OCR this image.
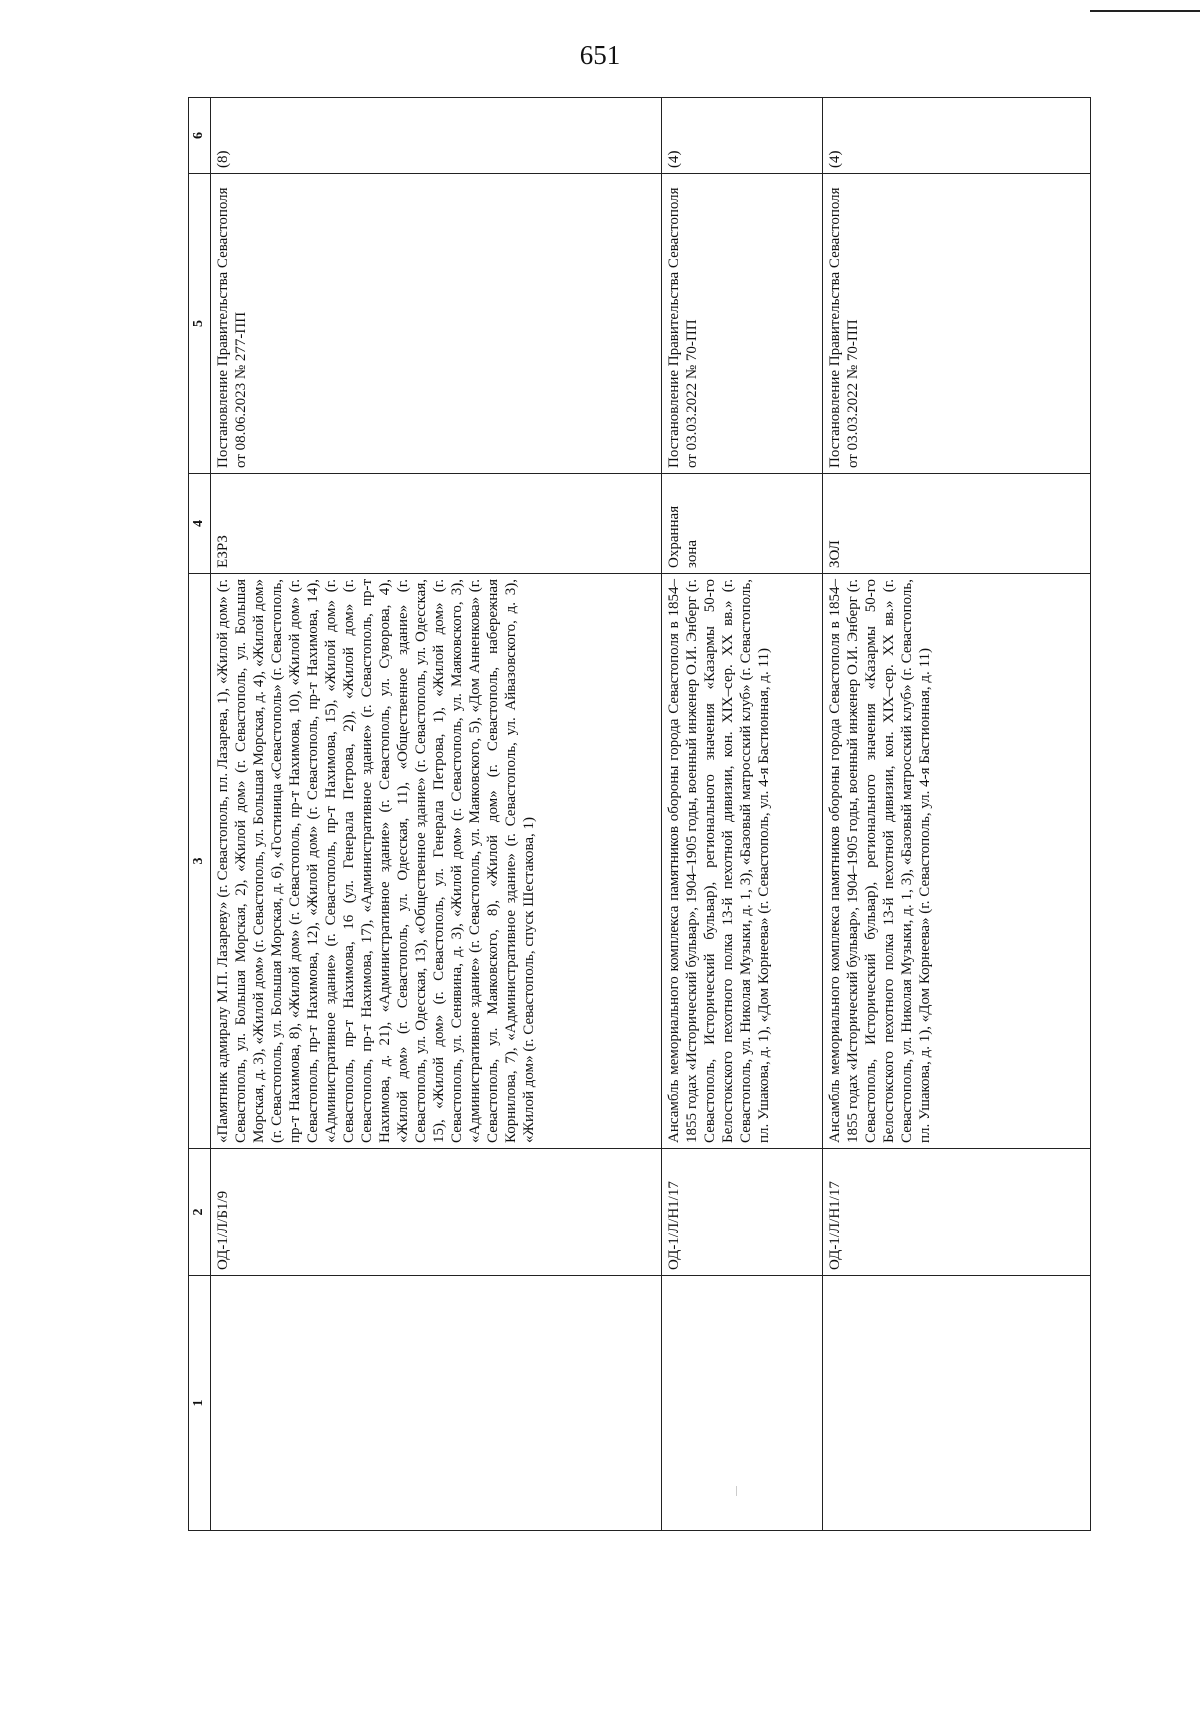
651
1	2	3	4	5	6
	ОД-1/Л/Б1/9	«Памятник адмиралу М.П. Лазареву» (г. Севастополь, пл. Лазарева, 1), «Жилой дом» (г. Севастополь, ул. Большая Морская, 2), «Жилой дом» (г. Севастополь, ул. Большая Морская, д. 3), «Жилой дом» (г. Севастополь, ул. Большая Морская, д. 4), «Жилой дом» (г. Севастополь, ул. Большая Морская, д. 6), «Гостиница «Севастополь» (г. Севастополь, пр-т Нахимова, 8), «Жилой дом» (г. Севастополь, пр-т Нахимова, 10), «Жилой дом» (г. Севастополь, пр-т Нахимова, 12), «Жилой дом» (г. Севастополь, пр-т Нахимова, 14), «Административное здание» (г. Севастополь, пр-т Нахимова, 15), «Жилой дом» (г. Севастополь, пр-т Нахимова, 16 (ул. Генерала Петрова, 2)), «Жилой дом» (г. Севастополь, пр-т Нахимова, 17), «Административное здание» (г. Севастополь, пр-т Нахимова, д. 21), «Административное здание» (г. Севастополь, ул. Суворова, 4), «Жилой дом» (г. Севастополь, ул. Одесская, 11), «Общественное здание» (г. Севастополь, ул. Одесская, 13), «Общественное здание» (г. Севастополь, ул. Одесская, 15), «Жилой дом» (г. Севастополь, ул. Генерала Петрова, 1), «Жилой дом» (г. Севастополь, ул. Сенявина, д. 3), «Жилой дом» (г. Севастополь, ул. Маяковского, 3), «Административное здание» (г. Севастополь, ул. Маяковского, 5), «Дом Анненкова» (г. Севастополь, ул. Маяковского, 8), «Жилой дом» (г. Севастополь, набережная Корнилова, 7), «Административное здание» (г. Севастополь, ул. Айвазовского, д. 3), «Жилой дом» (г. Севастополь, спуск Шестакова, 1)	ЕЗРЗ	Постановление Правительства Севастополя от 08.06.2023 № 277-ПП	(8)
	ОД-1/Л/Н1/17	Ансамбль мемориального комплекса памятников обороны города Севастополя в 1854–1855 годах «Исторический бульвар», 1904–1905 годы, военный инженер О.И. Энберг (г. Севастополь, Исторический бульвар), регионального значения «Казармы 50-го Белостокского пехотного полка 13-й пехотной дивизии, кон. XIX–сер. XX вв.» (г. Севастополь, ул. Николая Музыки, д. 1, 3), «Базовый матросский клуб» (г. Севастополь, пл. Ушакова, д. 1), «Дом Корнеева» (г. Севастополь, ул. 4-я Бастионная, д. 11)	Охранная зона	Постановление Правительства Севастополя от 03.03.2022 № 70-ПП	(4)
	ОД-1/Л/Н1/17	Ансамбль мемориального комплекса памятников обороны города Севастополя в 1854–1855 годах «Исторический бульвар», 1904–1905 годы, военный инженер О.И. Энберг (г. Севастополь, Исторический бульвар), регионального значения «Казармы 50-го Белостокского пехотного полка 13-й пехотной дивизии, кон. XIX–сер. XX вв.» (г. Севастополь, ул. Николая Музыки, д. 1, 3), «Базовый матросский клуб» (г. Севастополь, пл. Ушакова, д. 1), «Дом Корнеева» (г. Севастополь, ул. 4-я Бастионная, д. 11)	ЗОЛ	Постановление Правительства Севастополя от 03.03.2022 № 70-ПП	(4)
